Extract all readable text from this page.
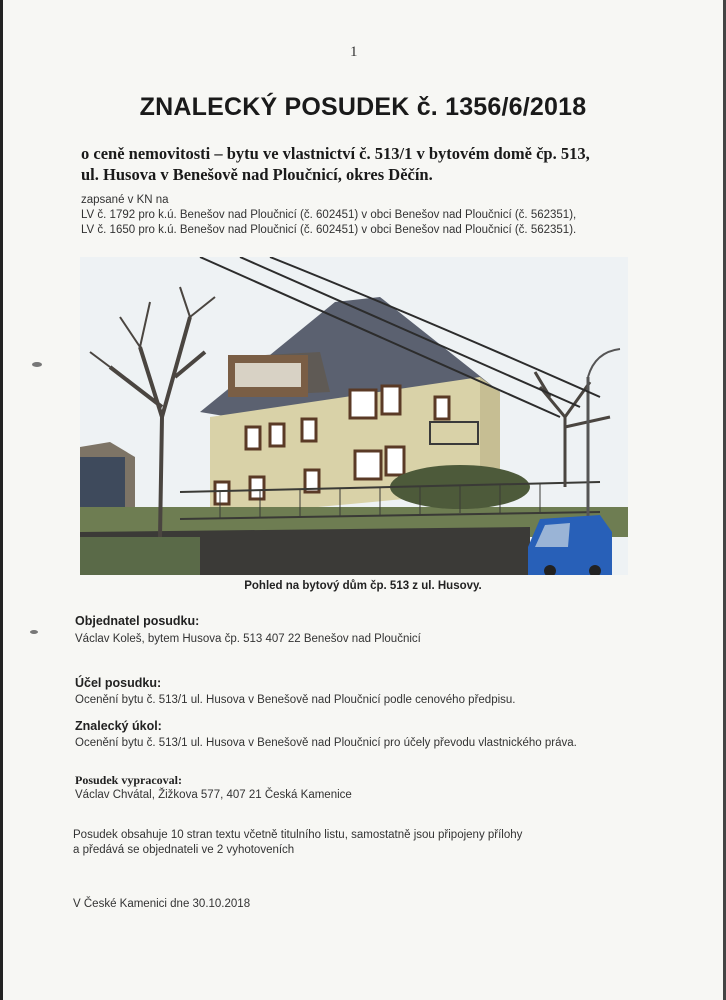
1
ZNALECKÝ POSUDEK č. 1356/6/2018
o ceně nemovitosti – bytu ve vlastnictví č. 513/1 v bytovém domě čp. 513,
ul. Husova v Benešově nad Ploučnicí, okres Děčín.
zapsané v KN na
LV č. 1792 pro k.ú. Benešov nad Ploučnicí (č. 602451) v obci Benešov nad Ploučnicí (č. 562351),
LV č. 1650 pro k.ú. Benešov nad Ploučnicí (č. 602451) v obci Benešov nad Ploučnicí (č. 562351).
Pohled na bytový dům čp. 513 z ul. Husovy.
Objednatel posudku:
Václav Koleš, bytem Husova čp. 513 407 22 Benešov nad Ploučnicí
Účel posudku:
Ocenění bytu č. 513/1 ul. Husova v Benešově nad Ploučnicí podle cenového předpisu.
Znalecký úkol:
Ocenění bytu č. 513/1 ul. Husova v Benešově nad Ploučnicí pro účely převodu vlastnického práva.
Posudek vypracoval:
Václav Chvátal, Žižkova 577, 407 21 Česká Kamenice
Posudek obsahuje 10 stran textu včetně titulního listu, samostatně jsou připojeny přílohy
a předává se objednateli ve 2 vyhotoveních
V České Kamenici dne 30.10.2018
